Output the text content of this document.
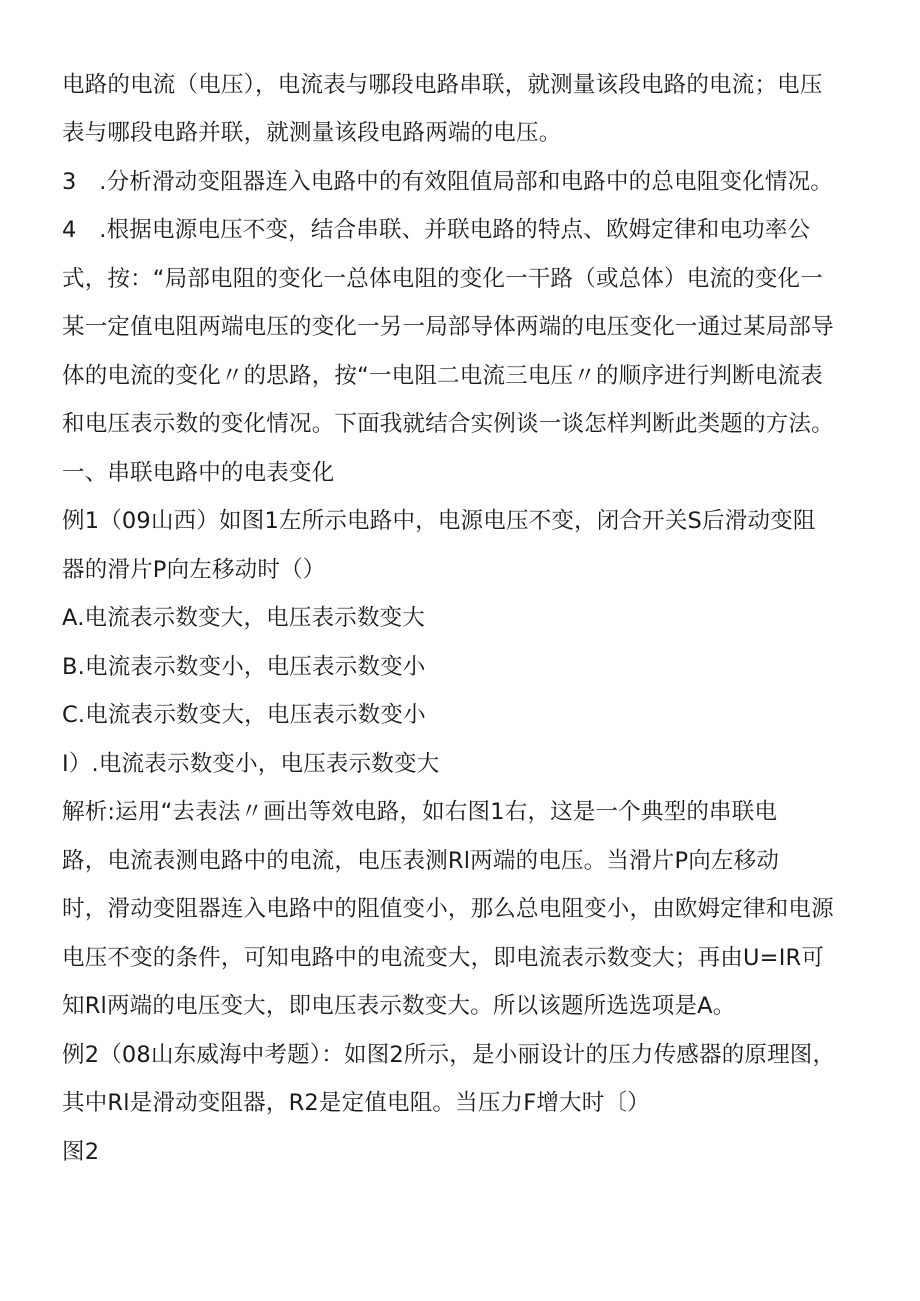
电路的电流（电压），电流表与哪段电路串联，就测量该段电路的电流；电压
表与哪段电路并联，就测量该段电路两端的电压。
3　.分析滑动变阻器连入电路中的有效阻值局部和电路中的总电阻变化情况。
4　.根据电源电压不变，结合串联、并联电路的特点、欧姆定律和电功率公
式，按：“局部电阻的变化一总体电阻的变化一干路（或总体）电流的变化一
某一定值电阻两端电压的变化一另一局部导体两端的电压变化一通过某局部导
体的电流的变化〃的思路，按“一电阻二电流三电压〃的顺序进行判断电流表
和电压表示数的变化情况。下面我就结合实例谈一谈怎样判断此类题的方法。
一、串联电路中的电表变化
例1（09山西）如图1左所示电路中，电源电压不变，闭合开关S后滑动变阻
器的滑片P向左移动时（）
A.电流表示数变大，电压表示数变大
B.电流表示数变小，电压表示数变小
C.电流表示数变大，电压表示数变小
I）.电流表示数变小，电压表示数变大
解析:运用“去表法〃画出等效电路，如右图1右，这是一个典型的串联电
路，电流表测电路中的电流，电压表测Rl两端的电压。当滑片P向左移动
时，滑动变阻器连入电路中的阻值变小，那么总电阻变小，由欧姆定律和电源
电压不变的条件，可知电路中的电流变大，即电流表示数变大；再由U=IR可
知Rl两端的电压变大，即电压表示数变大。所以该题所选选项是A。
例2（08山东威海中考题）：如图2所示，是小丽设计的压力传感器的原理图，
其中Rl是滑动变阻器，R2是定值电阻。当压力F增大时〔）
图2
